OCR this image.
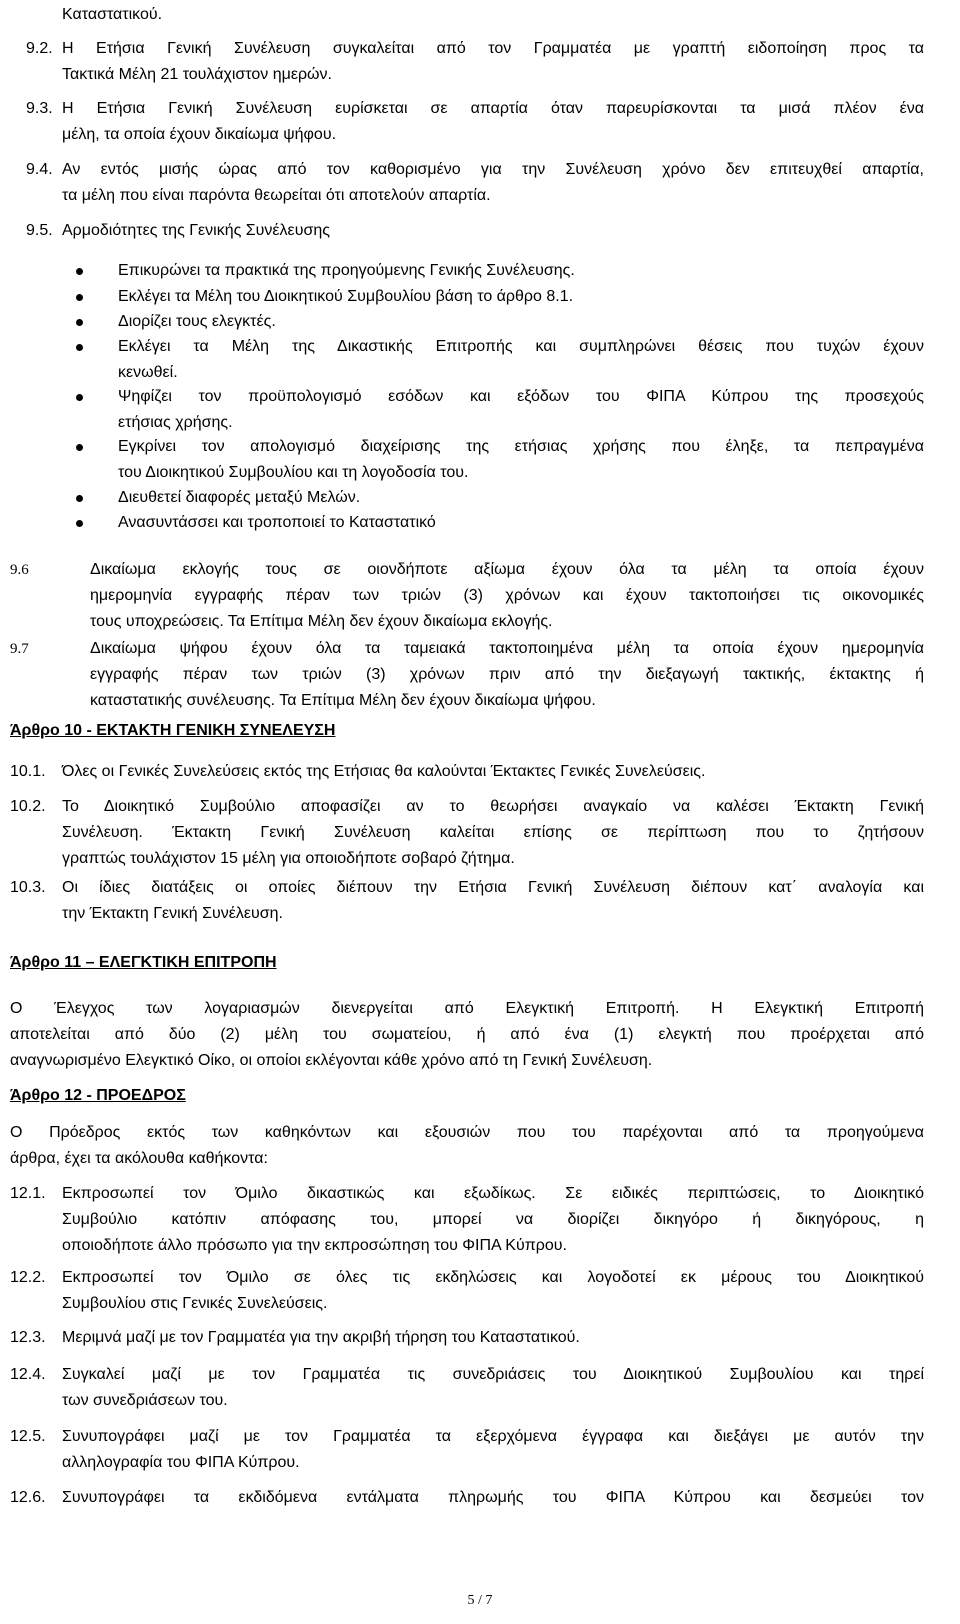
Καταστατικού.
9.2. Η Ετήσια Γενική Συνέλευση συγκαλείται από τον Γραμματέα με γραπτή ειδοποίηση προς τα
Τακτικά Μέλη 21 τουλάχιστον ημερών.
9.3. Η Ετήσια Γενική Συνέλευση ευρίσκεται σε απαρτία όταν παρευρίσκονται τα μισά πλέον ένα
μέλη, τα οποία έχουν δικαίωμα ψήφου.
9.4. Αν εντός μισής ώρας από τον καθορισμένο για την Συνέλευση χρόνο δεν επιτευχθεί απαρτία,
τα μέλη που είναι παρόντα θεωρείται ότι αποτελούν απαρτία.
9.5. Αρμοδιότητες της Γενικής Συνέλευσης
Επικυρώνει τα πρακτικά της προηγούμενης Γενικής Συνέλευσης.
Εκλέγει τα Μέλη του Διοικητικού Συμβουλίου βάση το άρθρο 8.1.
Διορίζει τους ελεγκτές.
Εκλέγει τα Μέλη της Δικαστικής Επιτροπής και συμπληρώνει θέσεις που τυχών έχουν
κενωθεί.
Ψηφίζει τον προϋπολογισμό εσόδων και εξόδων του ΦΙΠΑ Κύπρου της προσεχούς
ετήσιας χρήσης.
Εγκρίνει τον απολογισμό διαχείρισης της ετήσιας χρήσης που έληξε, τα πεπραγμένα
του Διοικητικού Συμβουλίου και τη λογοδοσία του.
Διευθετεί διαφορές μεταξύ Μελών.
Ανασυντάσσει και τροποποιεί το Καταστατικό
9.6	Δικαίωμα εκλογής τους σε οιονδήποτε αξίωμα έχουν όλα τα μέλη τα οποία έχουν
ημερομηνία εγγραφής πέραν των τριών (3) χρόνων και έχουν τακτοποιήσει τις οικονομικές
τους υποχρεώσεις. Τα Επίτιμα Μέλη δεν έχουν δικαίωμα εκλογής.
9.7	Δικαίωμα ψήφου έχουν όλα τα ταμειακά τακτοποιημένα μέλη τα οποία έχουν ημερομηνία
εγγραφής πέραν των τριών (3) χρόνων πριν από την διεξαγωγή τακτικής, έκτακτης ή
καταστατικής συνέλευσης. Τα Επίτιμα Μέλη δεν έχουν δικαίωμα ψήφου.
Άρθρο 10 - ΕΚΤΑΚΤΗ ΓΕΝΙΚΗ ΣΥΝΕΛΕΥΣΗ
10.1. Όλες οι Γενικές Συνελεύσεις εκτός της Ετήσιας θα καλούνται Έκτακτες Γενικές Συνελεύσεις.
10.2. Το Διοικητικό Συμβούλιο αποφασίζει αν το θεωρήσει αναγκαίο να καλέσει Έκτακτη Γενική
Συνέλευση. Έκτακτη Γενική Συνέλευση καλείται επίσης σε περίπτωση που το ζητήσουν
γραπτώς τουλάχιστον 15 μέλη για οποιοδήποτε σοβαρό ζήτημα.
10.3. Οι ίδιες διατάξεις οι οποίες διέπουν την Ετήσια Γενική Συνέλευση διέπουν κατ΄ αναλογία και
την Έκτακτη Γενική Συνέλευση.
Άρθρο 11 – ΕΛΕΓΚΤΙΚΗ ΕΠΙΤΡΟΠΗ
Ο Έλεγχος των λογαριασμών διενεργείται από Ελεγκτική Επιτροπή. Η Ελεγκτική Επιτροπή
αποτελείται από δύο (2) μέλη του σωματείου, ή από ένα (1) ελεγκτή που προέρχεται από
αναγνωρισμένο Ελεγκτικό Οίκο, οι οποίοι εκλέγονται κάθε χρόνο από τη Γενική Συνέλευση.
Άρθρο 12 - ΠΡΟΕΔΡΟΣ
Ο Πρόεδρος εκτός των καθηκόντων και εξουσιών που του παρέχονται από τα προηγούμενα
άρθρα, έχει τα ακόλουθα καθήκοντα:
12.1. Εκπροσωπεί τον Όμιλο δικαστικώς και εξωδίκως. Σε ειδικές περιπτώσεις, το Διοικητικό
Συμβούλιο κατόπιν απόφασης του, μπορεί να διορίζει δικηγόρο ή δικηγόρους, η
οποιοδήποτε άλλο πρόσωπο για την εκπροσώπηση του ΦΙΠΑ Κύπρου.
12.2. Εκπροσωπεί τον Όμιλο σε όλες τις εκδηλώσεις και λογοδοτεί εκ μέρους του Διοικητικού
Συμβουλίου στις Γενικές Συνελεύσεις.
12.3. Μεριμνά μαζί με τον Γραμματέα για την ακριβή τήρηση του Καταστατικού.
12.4. Συγκαλεί μαζί με τον Γραμματέα τις συνεδριάσεις του Διοικητικού Συμβουλίου και τηρεί
των συνεδριάσεων του.
12.5. Συνυπογράφει μαζί με τον Γραμματέα τα εξερχόμενα έγγραφα και διεξάγει με αυτόν την
αλληλογραφία του ΦΙΠΑ Κύπρου.
12.6. Συνυπογράφει τα εκδιδόμενα εντάλματα πληρωμής του ΦΙΠΑ Κύπρου και δεσμεύει τον
5 / 7
